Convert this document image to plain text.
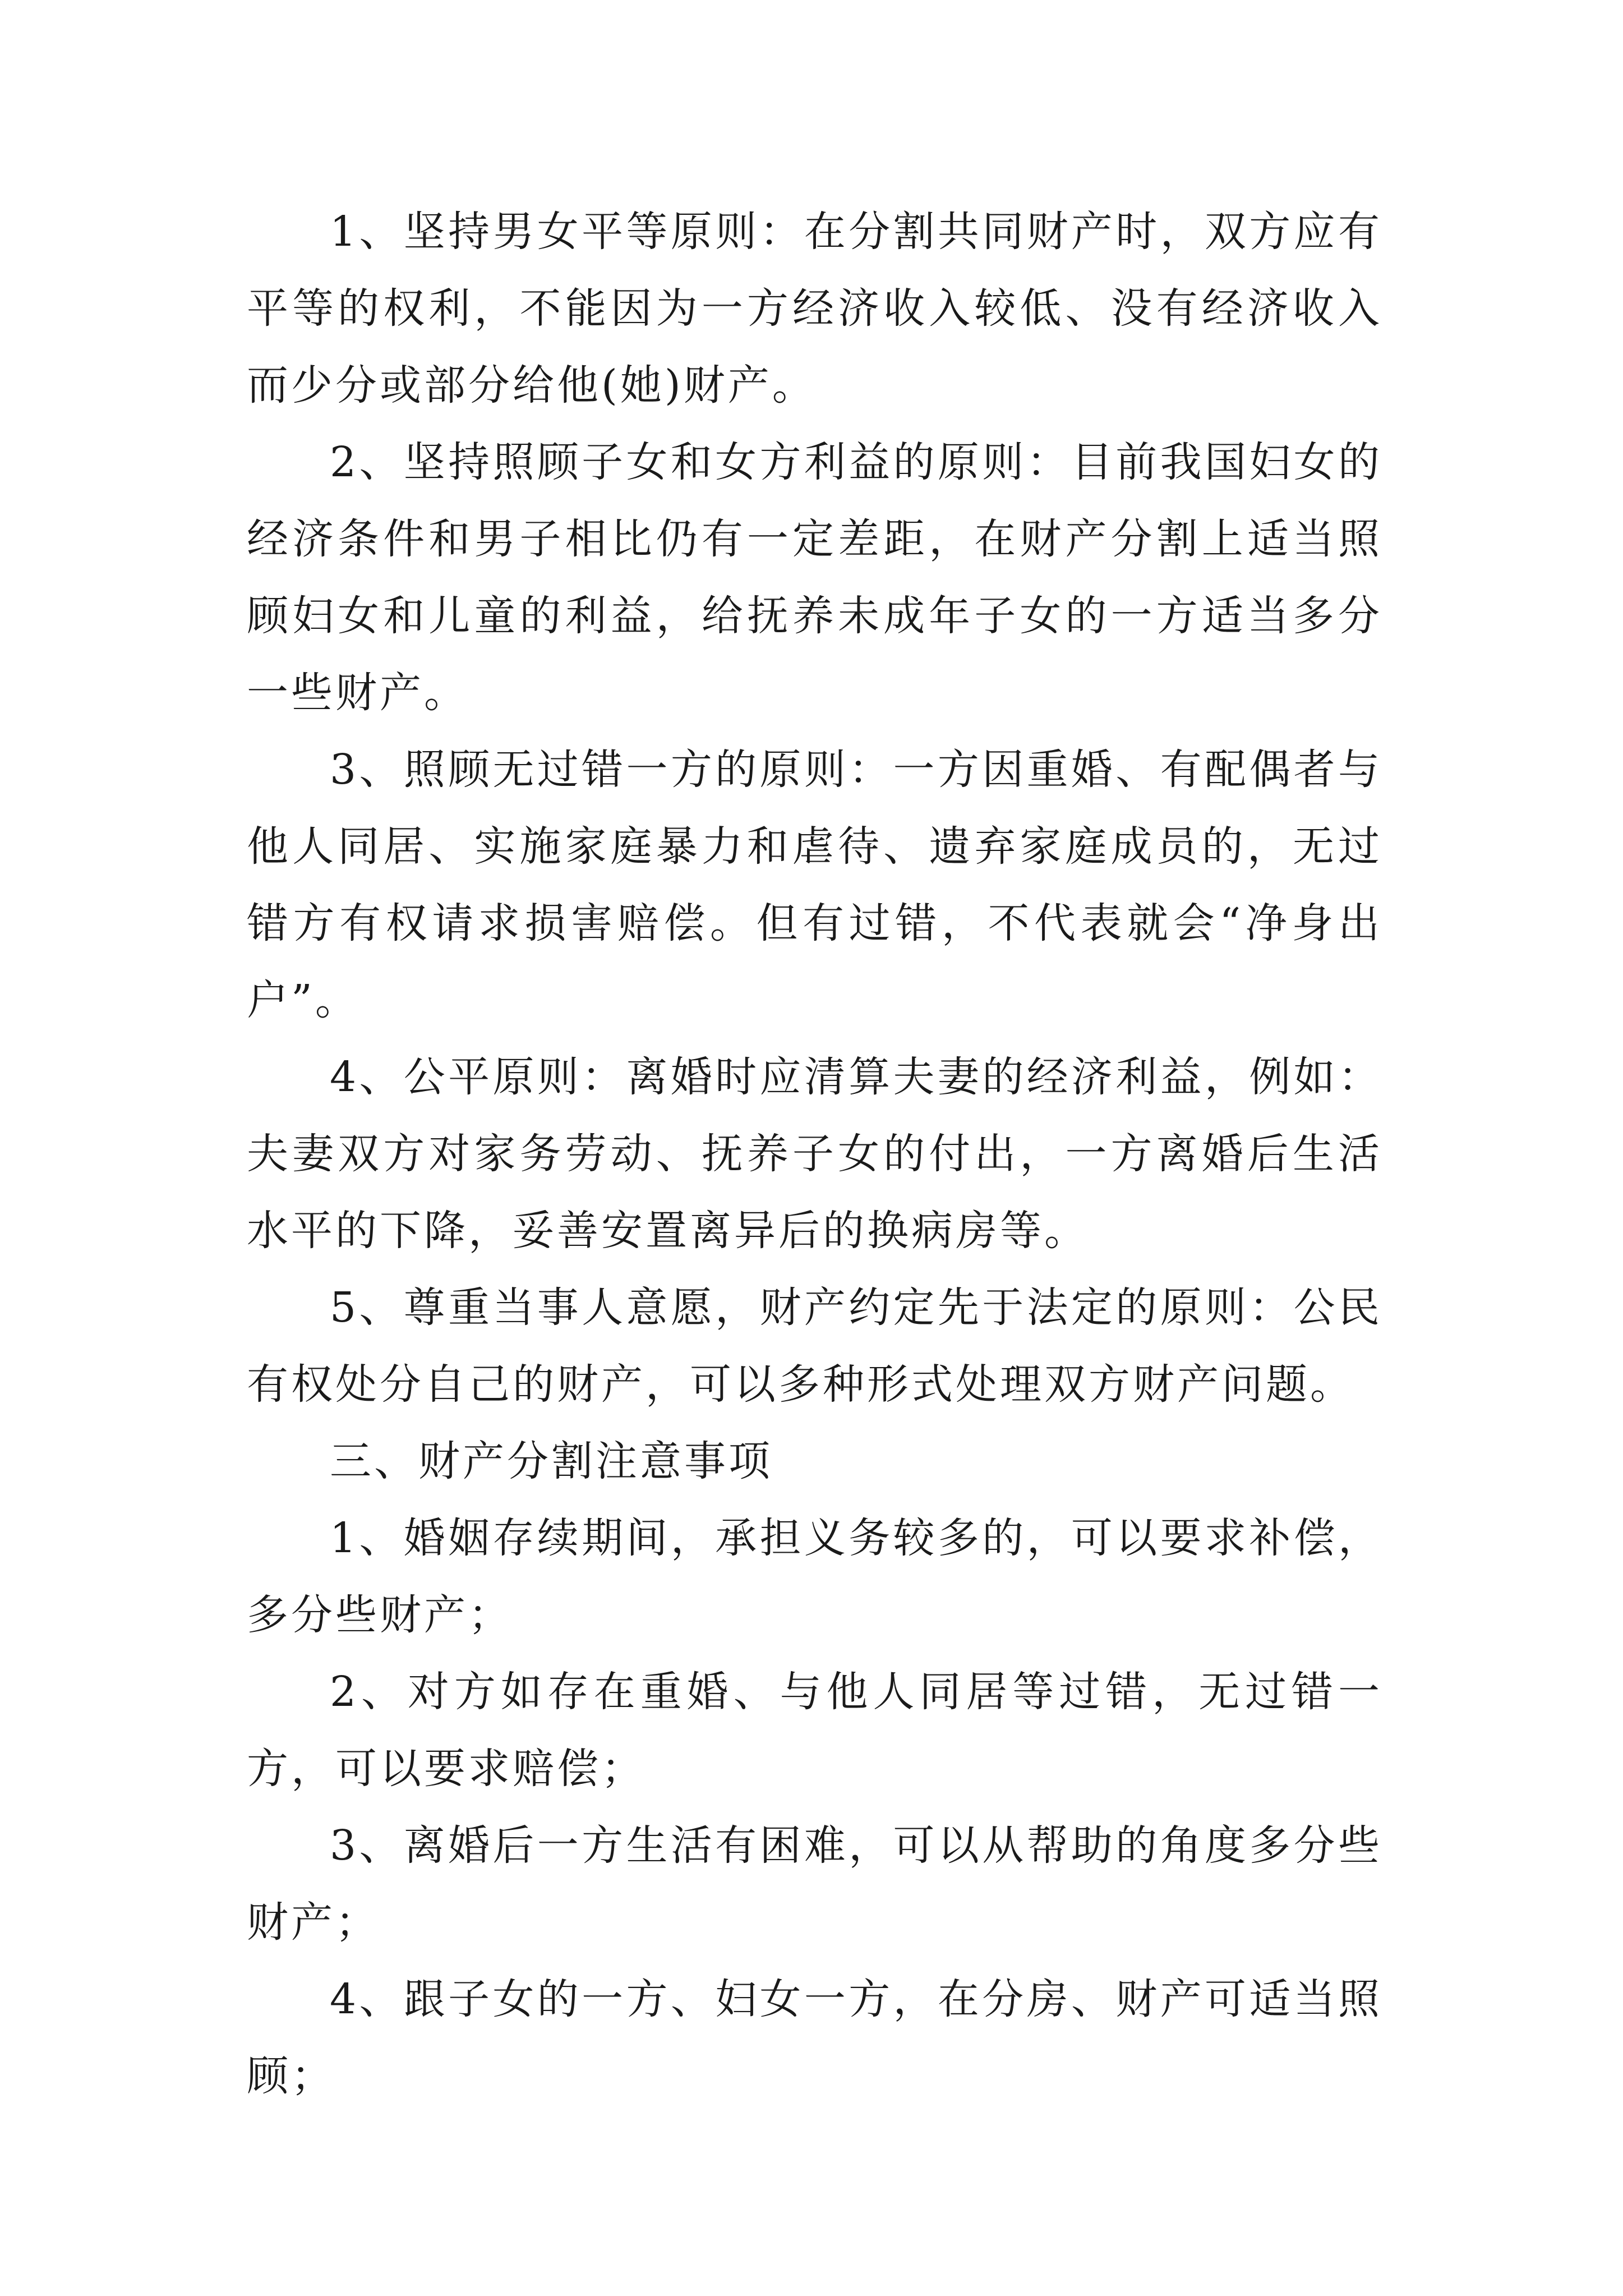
1、坚持男女平等原则：在分割共同财产时，双方应有平等的权利，不能因为一方经济收入较低、没有经济收入而少分或部分给他(她)财产。

2、坚持照顾子女和女方利益的原则：目前我国妇女的经济条件和男子相比仍有一定差距，在财产分割上适当照顾妇女和儿童的利益，给抚养未成年子女的一方适当多分一些财产。

3、照顾无过错一方的原则：一方因重婚、有配偶者与他人同居、实施家庭暴力和虐待、遗弃家庭成员的，无过错方有权请求损害赔偿。但有过错，不代表就会“净身出户”。

4、公平原则：离婚时应清算夫妻的经济利益，例如：夫妻双方对家务劳动、抚养子女的付出，一方离婚后生活水平的下降，妥善安置离异后的换病房等。

5、尊重当事人意愿，财产约定先于法定的原则：公民有权处分自己的财产，可以多种形式处理双方财产问题。

三、财产分割注意事项

1、婚姻存续期间，承担义务较多的，可以要求补偿，多分些财产；

2、对方如存在重婚、与他人同居等过错，无过错一方，可以要求赔偿；

3、离婚后一方生活有困难，可以从帮助的角度多分些财产；

4、跟子女的一方、妇女一方，在分房、财产可适当照顾；
